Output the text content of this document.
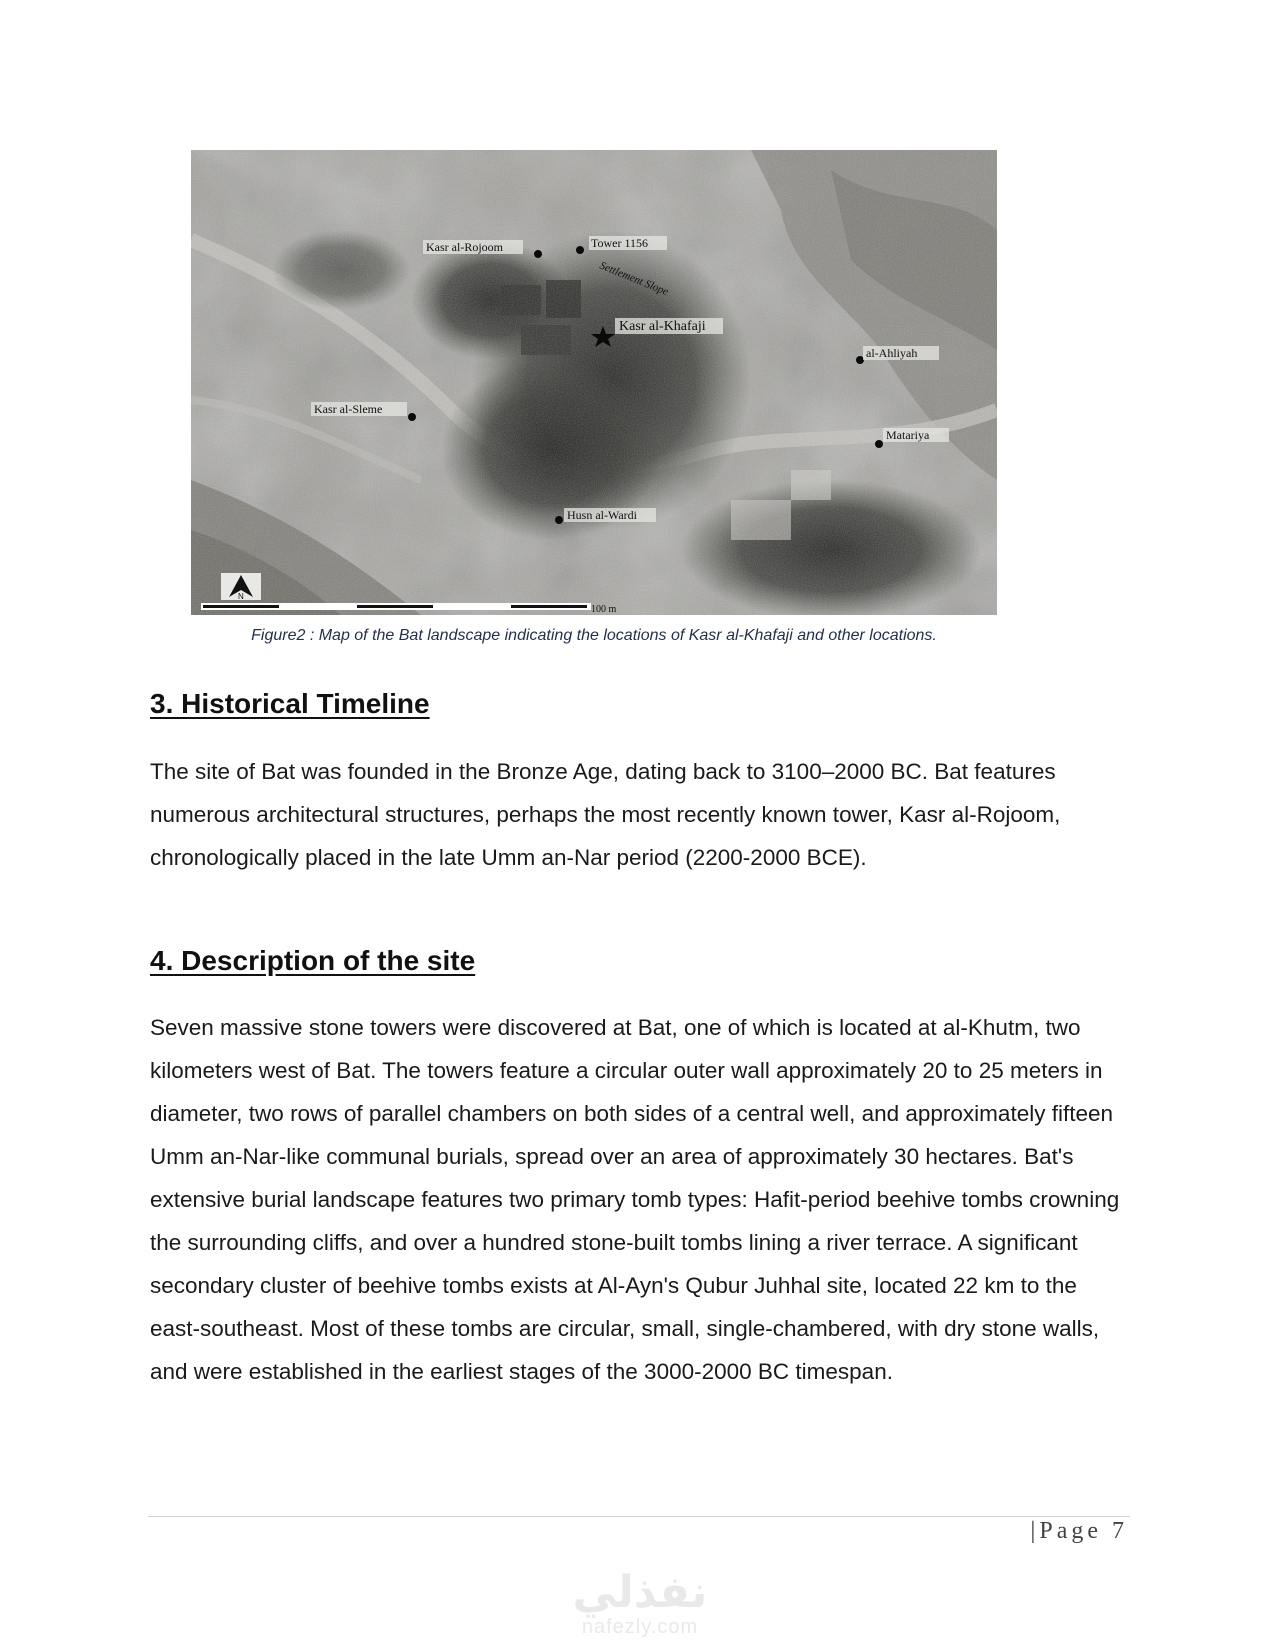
Kasr al-Rojoom	Tower 1156
Settlement Slope
Kasr al-Khafaji
al-Ahliyah
Kasr al-Sleme
Matariya
Husn al-Wardi
N
100 m
Figure2 : Map of the Bat landscape indicating the locations of Kasr al-Khafaji and other locations.
3. Historical Timeline

The site of Bat was founded in the Bronze Age, dating back to 3100–2000 BC. Bat features numerous architectural structures, perhaps the most recently known tower, Kasr al-Rojoom, chronologically placed in the late Umm an-Nar period (2200-2000 BCE).

4. Description of the site

Seven massive stone towers were discovered at Bat, one of which is located at al-Khutm, two kilometers west of Bat. The towers feature a circular outer wall approximately 20 to 25 meters in diameter, two rows of parallel chambers on both sides of a central well, and approximately fifteen Umm an-Nar-like communal burials, spread over an area of approximately 30 hectares. Bat's extensive burial landscape features two primary tomb types: Hafit-period beehive tombs crowning the surrounding cliffs, and over a hundred stone-built tombs lining a river terrace. A significant secondary cluster of beehive tombs exists at Al-Ayn's Qubur Juhhal site, located 22 km to the east-southeast. Most of these tombs are circular, small, single-chambered, with dry stone walls, and were established in the earliest stages of the 3000-2000 BC timespan.

| Page 7
نفذلي
nafezly.com
